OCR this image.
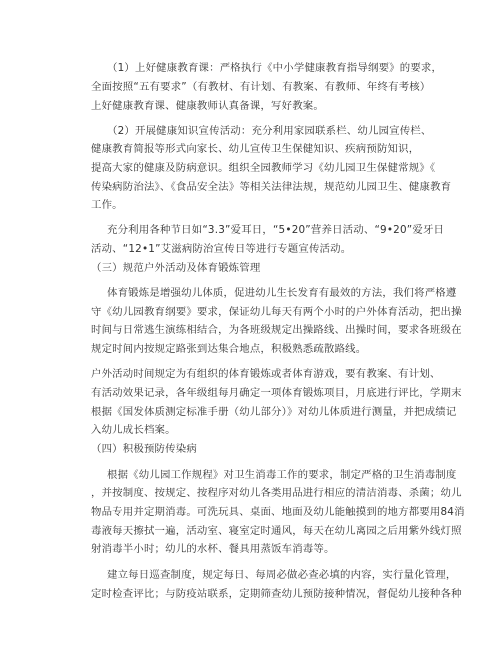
（1）上好健康教育课：严格执行《中小学健康教育指导纲要》的要求，
全面按照“五有要求”（有教材、有计划、有教案、有教师、年终有考核）
上好健康教育课、健康教师认真备课，写好教案。
（2）开展健康知识宣传活动：充分利用家园联系栏、幼儿园宣传栏、
健康教育简报等形式向家长、幼儿宣传卫生保健知识、疾病预防知识，
提高大家的健康及防病意识。组织全园教师学习《幼儿园卫生保健常规》《
传染病防治法》、《食品安全法》等相关法律法规，规范幼儿园卫生、健康教育
工作。
充分利用各种节日如“3.3”爱耳日，“5•20”营养日活动、“9•20”爱牙日
活动、“12•1”艾滋病防治宣传日等进行专题宣传活动。
（三）规范户外活动及体育锻炼管理
体育锻炼是增强幼儿体质，促进幼儿生长发育有最效的方法，我们将严格遵
守《幼儿园教育纲要》要求，保证幼儿每天有两个小时的户外体育活动，把出操
时间与日常逃生演练相结合，为各班级规定出操路线、出操时间，要求各班级在
规定时间内按规定路张到达集合地点，积极熟悉疏散路线。
户外活动时间规定为有组织的体育锻炼或者体育游戏，要有教案、有计划、
有活动效果记录，各年级组每月确定一项体育锻炼项目，月底进行评比，学期末
根据《国发体质测定标准手册（幼儿部分）》对幼儿体质进行测量，并把成绩记
入幼儿成长档案。
（四）积极预防传染病
根据《幼儿园工作规程》对卫生消毒工作的要求，制定严格的卫生消毒制度
，并按制度、按规定、按程序对幼儿各类用品进行相应的清洁消毒、杀菌；幼儿
物品专用并定期消毒。可洗玩具、桌面、地面及幼儿能触摸到的地方都要用84消
毒液每天擦拭一遍，活动室、寝室定时通风，每天在幼儿离园之后用紫外线灯照
射消毒半小时；幼儿的水杯、餐具用蒸饭车消毒等。
建立每日巡查制度，规定每日、每周必做必查必填的内容，实行量化管理，
定时检查评比；与防疫站联系，定期筛查幼儿预防接种情况，督促幼儿接种各种
